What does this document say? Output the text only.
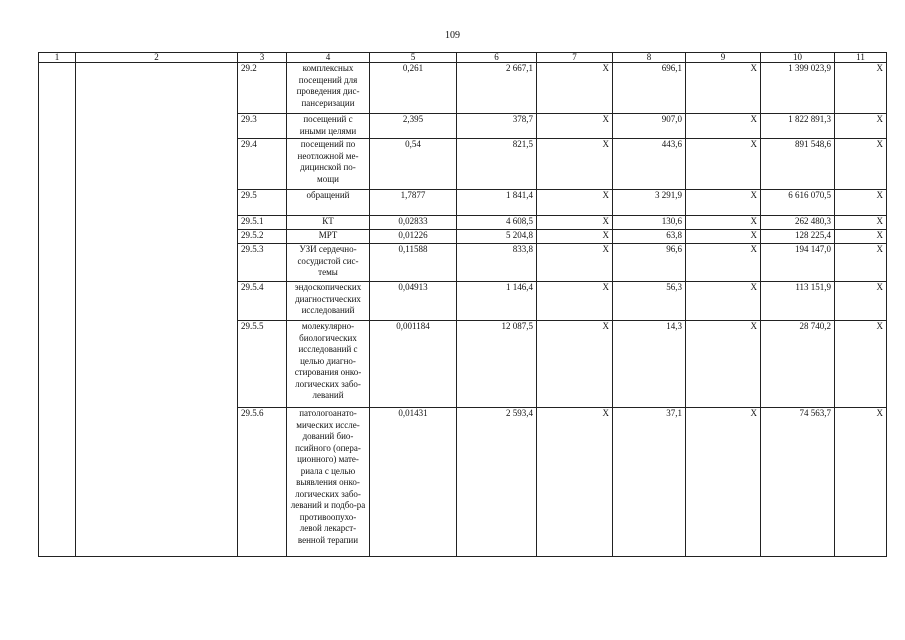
109
1	2	3	4	5	6	7	8	9	10	11
		29.2	комплексных посещений для проведения дис-пансеризации	0,261	2 667,1	Х	696,1	Х	1 399 023,9	Х
		29.3	посещений с иными целями	2,395	378,7	Х	907,0	Х	1 822 891,3	Х
		29.4	посещений по неотложной ме-дицинской по-мощи	0,54	821,5	Х	443,6	Х	891 548,6	Х
		29.5	обращений	1,7877	1 841,4	Х	3 291,9	Х	6 616 070,5	Х
		29.5.1	КТ	0,02833	4 608,5	Х	130,6	Х	262 480,3	Х
		29.5.2	МРТ	0,01226	5 204,8	Х	63,8	Х	128 225,4	Х
		29.5.3	УЗИ сердечно-сосудистой сис-темы	0,11588	833,8	Х	96,6	Х	194 147,0	Х
		29.5.4	эндоскопических диагностических исследований	0,04913	1 146,4	Х	56,3	Х	113 151,9	Х
		29.5.5	молекулярно-биологических исследований с целью диагно-стирования онко-логических забо-леваний	0,001184	12 087,5	Х	14,3	Х	28 740,2	Х
		29.5.6	патологоанато-мических иссле-дований био-псийного (опера-ционного) мате-риала с целью выявления онко-логических забо-леваний и подбо-ра противоопухо-левой лекарст-венной терапии	0,01431	2 593,4	Х	37,1	Х	74 563,7	Х
